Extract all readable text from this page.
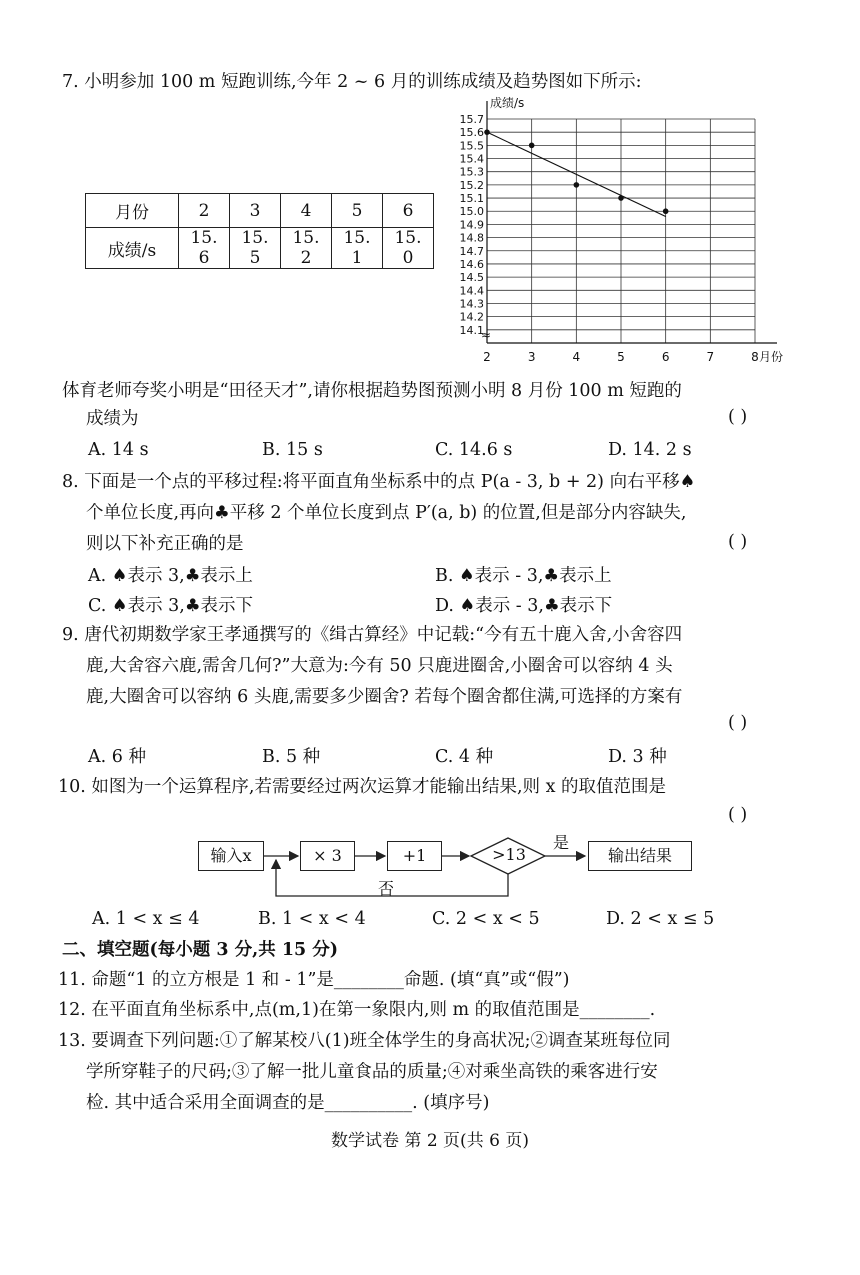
7. 小明参加 100 m 短跑训练,今年 2 ~ 6 月的训练成绩及趋势图如下所示:
月份	2	3	4	5	6
成绩/s	15. 6	15. 5	15. 2	15. 1	15. 0
15.7
15.6
15.5
15.4
15.3
15.2
15.1
15.0
14.9
14.8
14.7
14.6
14.5
14.4
14.3
14.2
14.1
2	3	4	5	6	7	8
≈
成绩/s
月份
体育老师夸奖小明是“田径天才”,请你根据趋势图预测小明 8 月份 100 m 短跑的
成绩为	( )
A. 14 s	B. 15 s	C. 14.6 s	D. 14. 2 s
8. 下面是一个点的平移过程:将平面直角坐标系中的点 P(a - 3, b + 2) 向右平移♠
个单位长度,再向♣平移 2 个单位长度到点 P′(a, b) 的位置,但是部分内容缺失,
则以下补充正确的是	( )
A. ♠表示 3,♣表示上	B. ♠表示 - 3,♣表示上
C. ♠表示 3,♣表示下	D. ♠表示 - 3,♣表示下
9. 唐代初期数学家王孝通撰写的《缉古算经》中记载:“今有五十鹿入舍,小舍容四
鹿,大舍容六鹿,需舍几何?”大意为:今有 50 只鹿进圈舍,小圈舍可以容纳 4 头
鹿,大圈舍可以容纳 6 头鹿,需要多少圈舍? 若每个圈舍都住满,可选择的方案有
( )
A. 6 种	B. 5 种	C. 4 种	D. 3 种
10. 如图为一个运算程序,若需要经过两次运算才能输出结果,则 x 的取值范围是
( )
输入x	× 3	+1	>13
是
输出结果
否
A. 1 < x ≤ 4	B. 1 < x < 4	C. 2 < x < 5	D. 2 < x ≤ 5
二、填空题(每小题 3 分,共 15 分)
11. 命题“1 的立方根是 1 和 - 1”是________命题. (填“真”或“假”)
12. 在平面直角坐标系中,点(m,1)在第一象限内,则 m 的取值范围是________.
13. 要调查下列问题:①了解某校八(1)班全体学生的身高状况;②调查某班每位同
学所穿鞋子的尺码;③了解一批儿童食品的质量;④对乘坐高铁的乘客进行安
检. 其中适合采用全面调查的是__________. (填序号)
数学试卷 第 2 页(共 6 页)
